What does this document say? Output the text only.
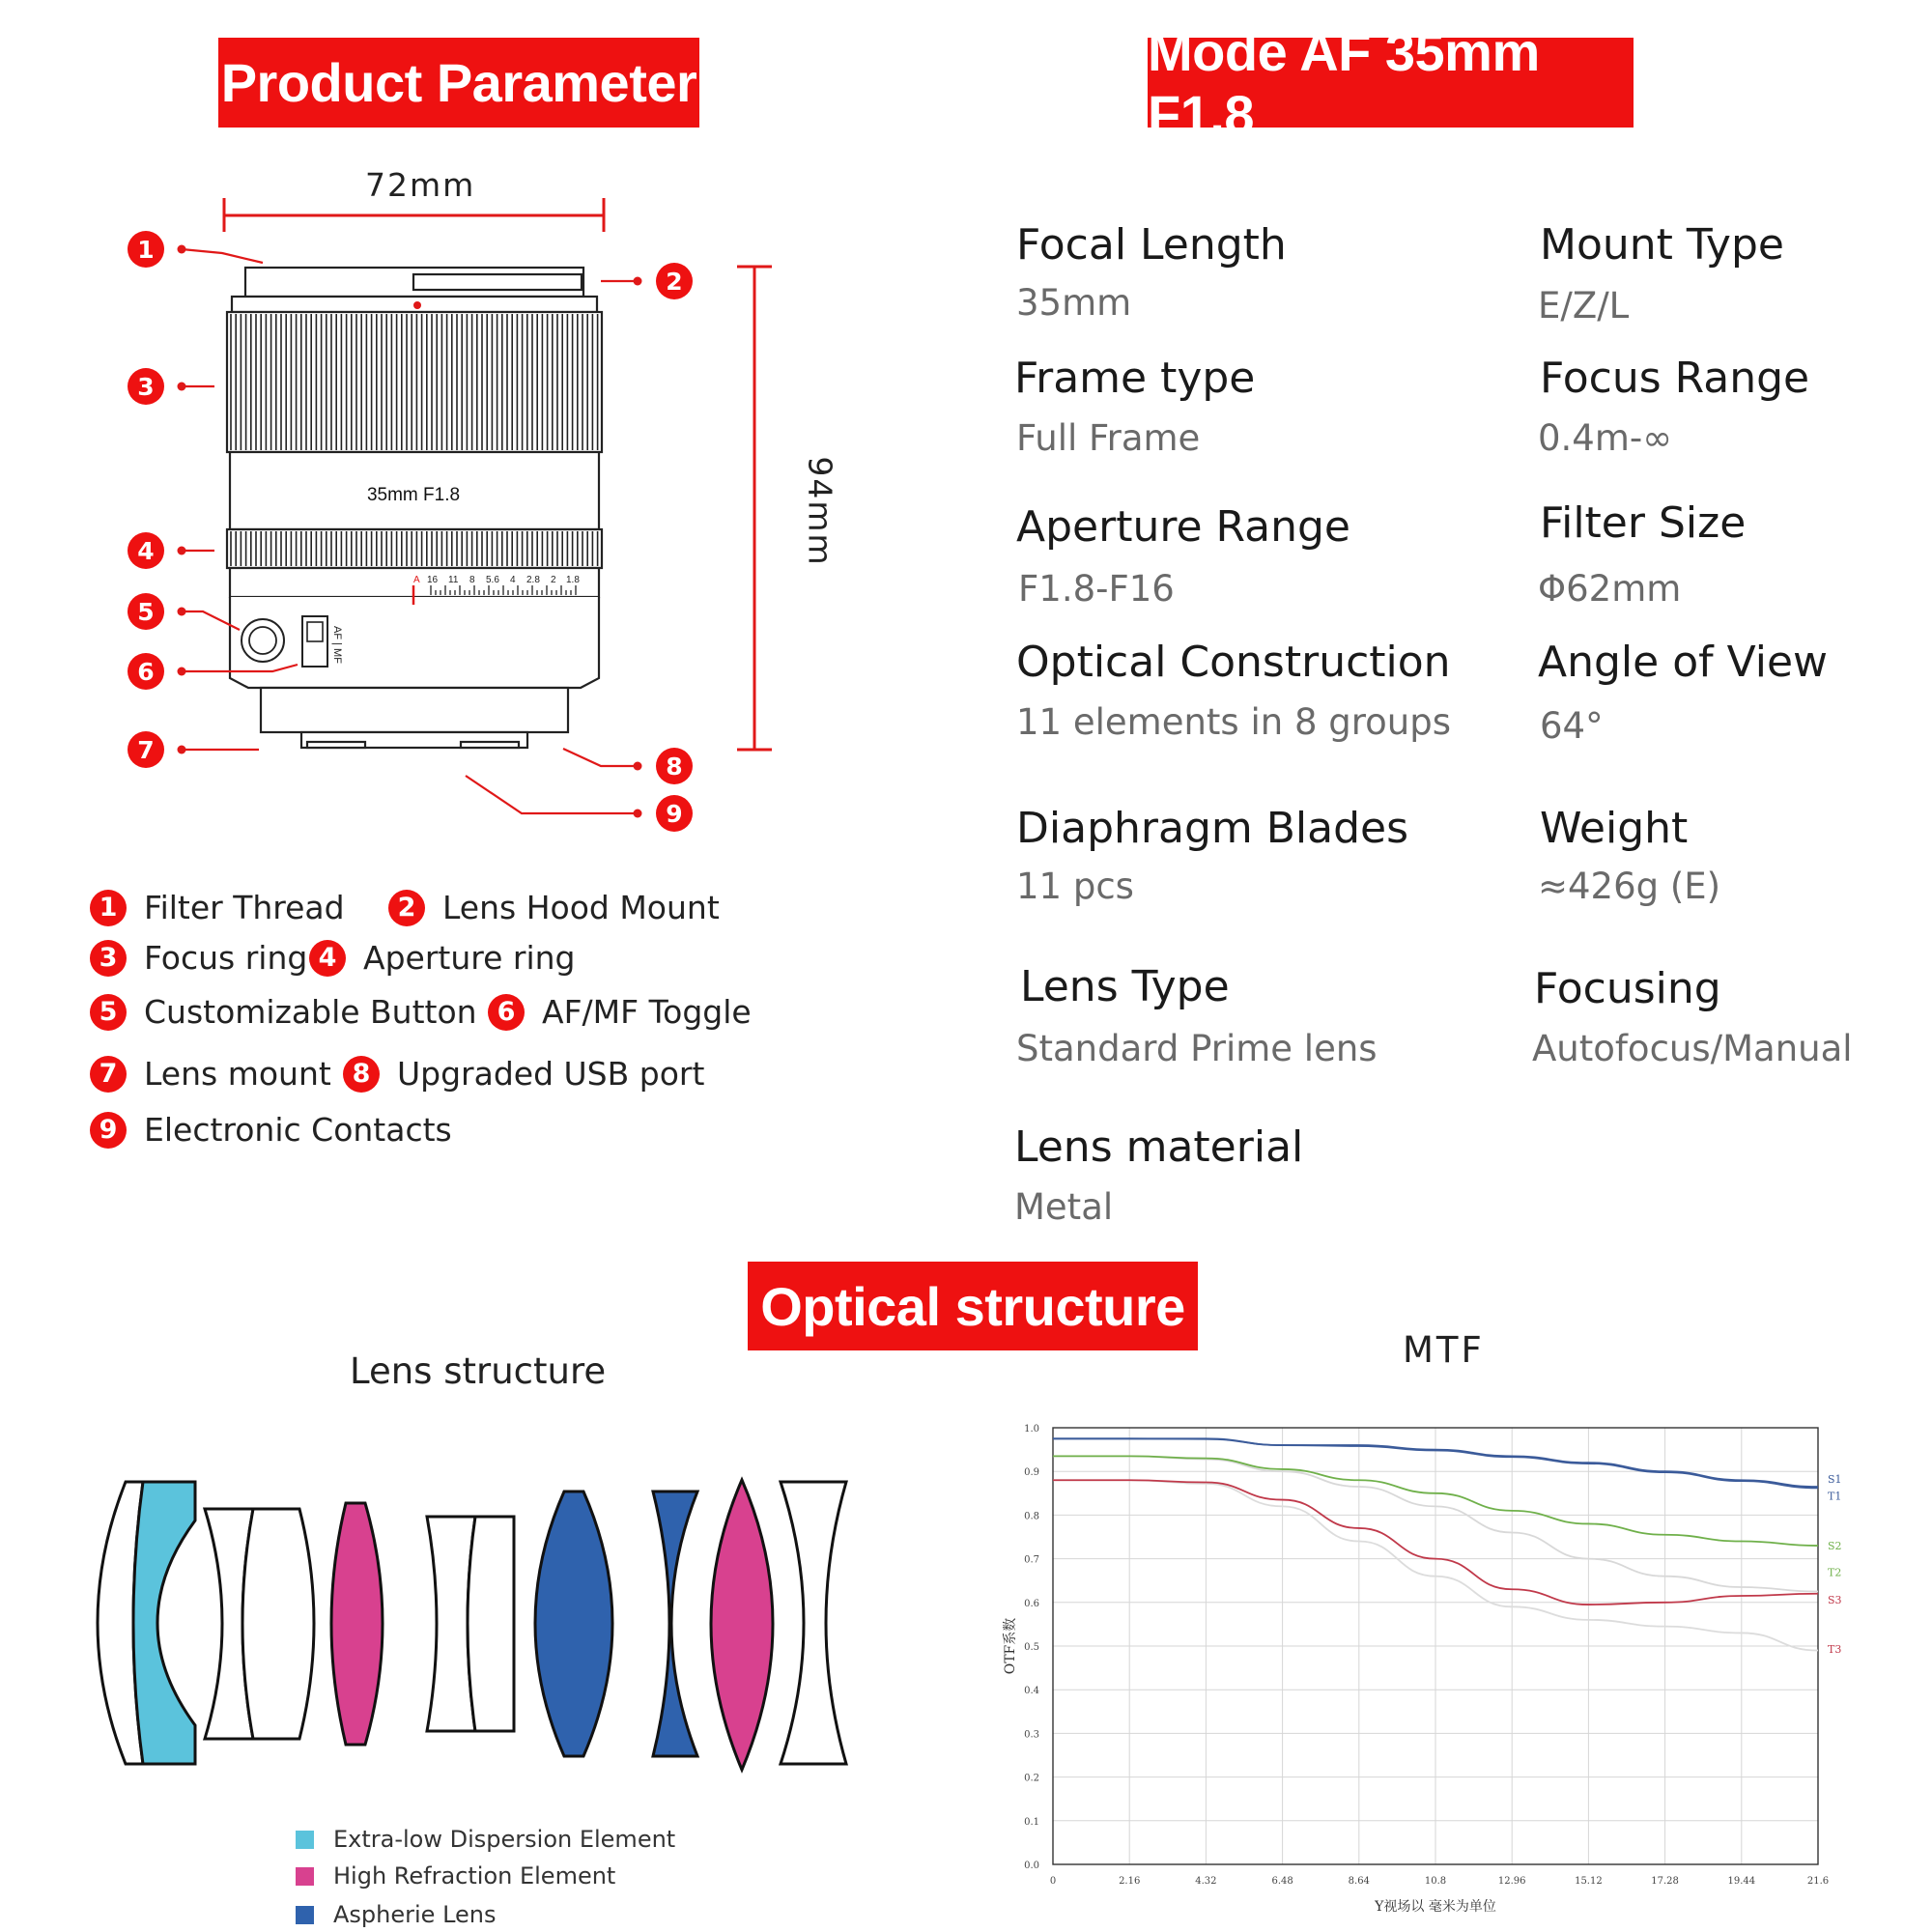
Product Parameter
Mode AF 35mm F1.8
Optical structure
35mm F1.8
A 16 11 8 5.6 4 2.8 2 1.8
AF | MF
1
2
3
4
5
6
7
8
9
72mm
94mm
1 Filter Thread	2 Lens Hood Mount
3 Focus ring 4 Aperture ring
5 Customizable Button 6 AF/MF Toggle
7 Lens mount 8 Upgraded USB port
9 Electronic Contacts
Focal Length
35mm
Mount Type
E/Z/L
Frame type
Full Frame
Focus Range
0.4m-∞
Aperture Range
F1.8-F16
Filter Size
Φ62mm
Optical Construction
11 elements in 8 groups
Angle of View
64°
Diaphragm Blades
11 pcs
Weight
≈426g (E)
Lens Type
Standard Prime lens
Focusing
Autofocus/Manual
Lens material
Metal
Lens structure
Extra-low Dispersion Element
High Refraction Element
Aspherie Lens
MTF
0.0
0.1
0.2
0.3
0.4
0.5
0.6
0.7
0.8
0.9
1.0
0	2.16	4.32	6.48	8.64	10.8	12.96	15.12	17.28	19.44	21.6
S1
T1
S2
T2
S3
T3
Y视场以 毫米为单位
OTF系数
